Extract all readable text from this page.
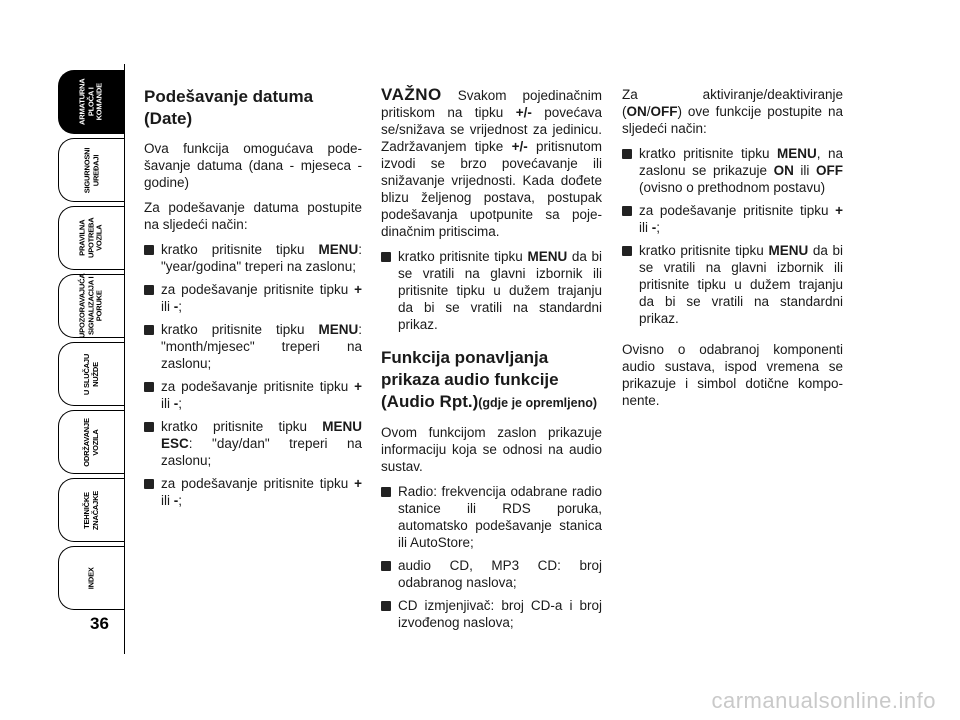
ARMATURNA PLOČA I KOMANDE
SIGURNOSNI UREĐAJI
PRAVILNA UPOTREBA VOZILA
UPOZORAVAJUĆA SIGNALIZACIJA I PORUKE
U SLUČAJU NUŽDE
ODRŽAVANJE VOZILA
TEHNIČKE ZNAČAJKE
INDEX
36
Podešavanje datuma
(Date)

Ova funkcija omogućava podešavanje datuma (dana - mjeseca - godine)

Za podešavanje datuma postupite na sljedeći način:

kratko pritisnite tipku MENU: "year/godina" treperi na zaslonu;
za podešavanje pritisnite tipku + ili -;
kratko pritisnite tipku MENU: "month/mjesec" treperi na zaslonu;
za podešavanje pritisnite tipku + ili -;
kratko pritisnite tipku MENU ESC: "day/dan" treperi na zaslonu;
za podešavanje pritisnite tipku + ili -;

VAŽNO Svakom pojedinačnim pritiskom na tipku +/- povećava se/snižava se vrijednost za jedinicu. Zadržavanjem tipke +/- pritisnutom izvodi se brzo povećavanje ili snižavanje vrijednosti. Kada dođete blizu željenog postava, postupak podešavanja upotpunite sa pojedinačnim pritiscima.

kratko pritisnite tipku MENU da bi se vratili na glavni izbornik ili pritisnite tipku u dužem trajanju da bi se vratili na standardni prikaz.
Funkcija ponavljanja
prikaza audio funkcije
(Audio Rpt.)(gdje je opremljeno)

Ovom funkcijom zaslon prikazuje informaciju koja se odnosi na audio sustav.

Radio: frekvencija odabrane radio stanice ili RDS poruka, automatsko podešavanje stanica ili AutoStore;
audio CD, MP3 CD: broj odabranog naslova;
CD izmjenjivač: broj CD-a i broj izvođenog naslova;

Za aktiviranje/deaktiviranje (ON/OFF) ove funkcije postupite na sljedeći način:

kratko pritisnite tipku MENU, na zaslonu se prikazuje ON ili OFF (ovisno o prethodnom postavu)
za podešavanje pritisnite tipku + ili -;
kratko pritisnite tipku MENU da bi se vratili na glavni izbornik ili pritisnite tipku u dužem trajanju da bi se vratili na standardni prikaz.

Ovisno o odabranoj komponenti audio sustava, ispod vremena se prikazuje i simbol dotične komponente.

carmanualsonline.info
